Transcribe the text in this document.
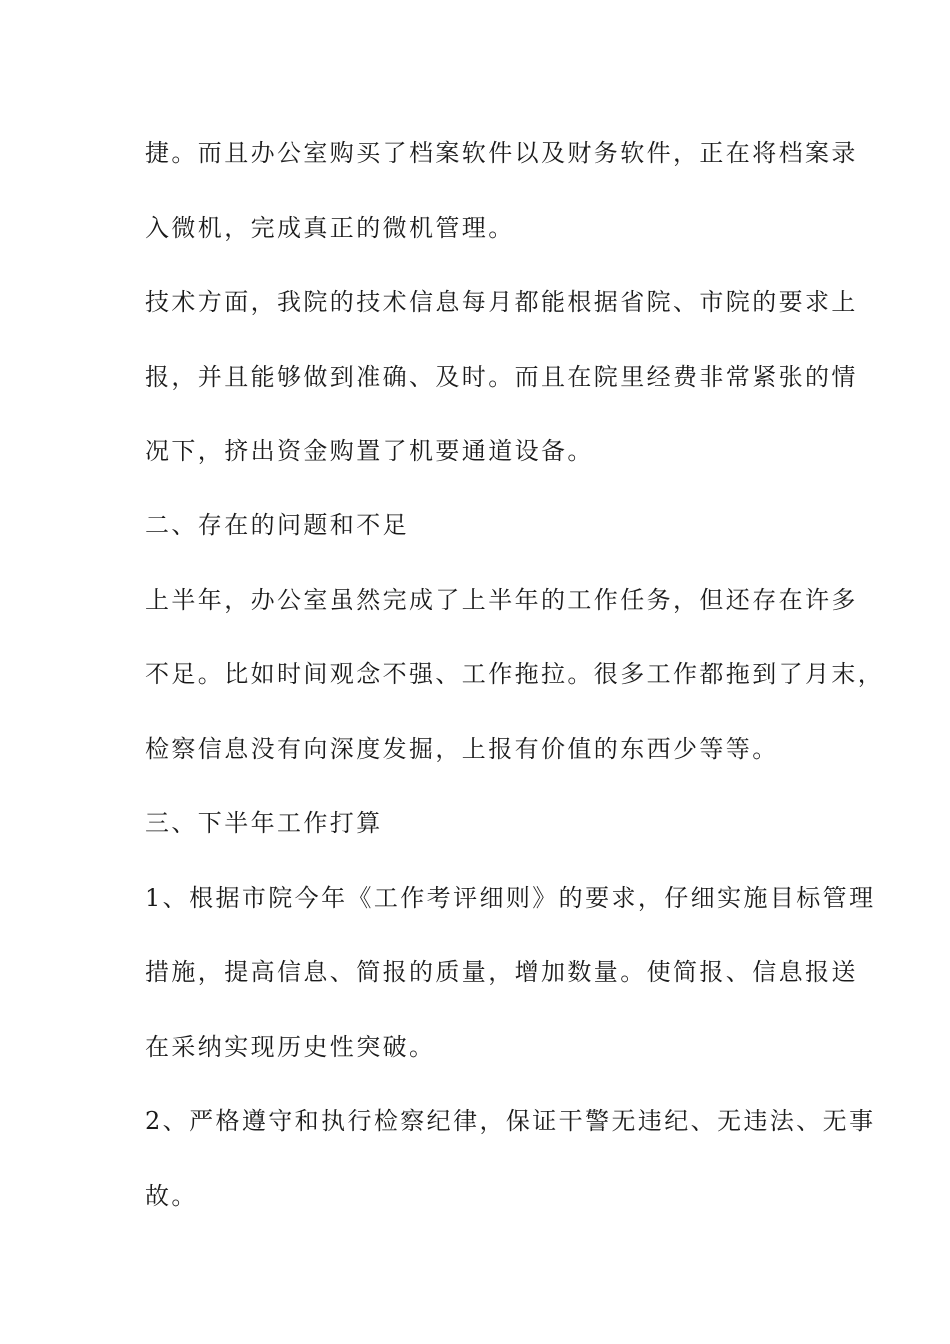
捷。而且办公室购买了档案软件以及财务软件，正在将档案录
入微机，完成真正的微机管理。
技术方面，我院的技术信息每月都能根据省院、市院的要求上
报，并且能够做到准确、及时。而且在院里经费非常紧张的情
况下，挤出资金购置了机要通道设备。
二、存在的问题和不足
上半年，办公室虽然完成了上半年的工作任务，但还存在许多
不足。比如时间观念不强、工作拖拉。很多工作都拖到了月末，
检察信息没有向深度发掘，上报有价值的东西少等等。
三、下半年工作打算
1、根据市院今年《工作考评细则》的要求，仔细实施目标管理
措施，提高信息、简报的质量，增加数量。使简报、信息报送
在采纳实现历史性突破。
2、严格遵守和执行检察纪律，保证干警无违纪、无违法、无事
故。
